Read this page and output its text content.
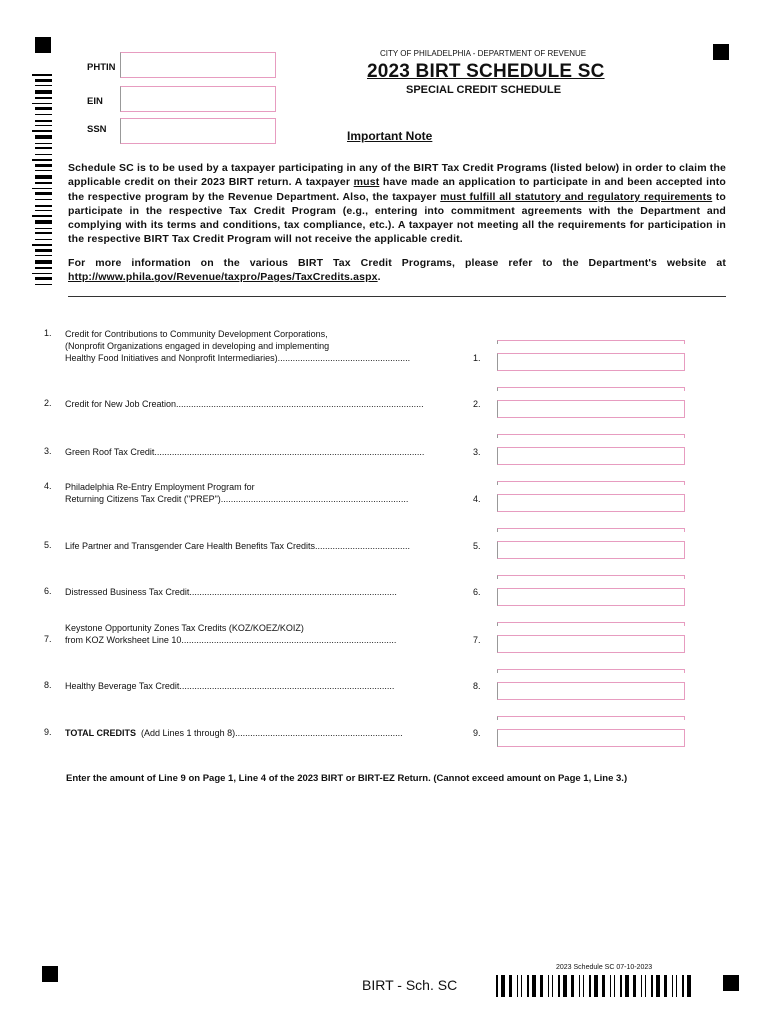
CITY OF PHILADELPHIA - DEPARTMENT OF REVENUE
2023 BIRT SCHEDULE SC
SPECIAL CREDIT SCHEDULE
PHTIN
EIN
SSN	Important Note
Schedule SC is to be used by a taxpayer participating in any of the BIRT Tax Credit Programs (listed below) in order to claim the applicable credit on their 2023 BIRT return. A taxpayer must have made an application to participate in and been accepted into the respective program by the Revenue Department. Also, the taxpayer must fulfill all statutory and regulatory requirements to participate in the respective Tax Credit Program (e.g., entering into commitment agreements with the Department and complying with its terms and conditions, tax compliance, etc.). A taxpayer not meeting all the requirements for participation in the respective BIRT Tax Credit Program will not receive the applicable credit.
For more information on the various BIRT Tax Credit Programs, please refer to the Department's website at http://www.phila.gov/Revenue/taxpro/Pages/TaxCredits.aspx.
1. Credit for Contributions to Community Development Corporations,
(Nonprofit Organizations engaged in developing and implementing
Healthy Food Initiatives and Nonprofit Intermediaries).....................................................	1.
2. Credit for New Job Creation...................................................................................................	2.
3. Green Roof Tax Credit............................................................................................................	3.
4. Philadelphia Re-Entry Employment Program for
Returning Citizens Tax Credit ("PREP")...........................................................................	4.
5. Life Partner and Transgender Care Health Benefits Tax Credits......................................	5.
6. Distressed Business Tax Credit...................................................................................	6.
7.
Keystone Opportunity Zones Tax Credits (KOZ/KOEZ/KOIZ)
from KOZ Worksheet Line 10......................................................................................	7.
8. Healthy Beverage Tax Credit......................................................................................	8.
9. TOTAL CREDITS  (Add Lines 1 through 8)...................................................................	9.
Enter the amount of Line 9 on Page 1, Line 4 of the 2023 BIRT or BIRT-EZ Return. (Cannot exceed amount on Page 1, Line 3.)
2023 Schedule SC 07-10-2023
BIRT - Sch. SC
